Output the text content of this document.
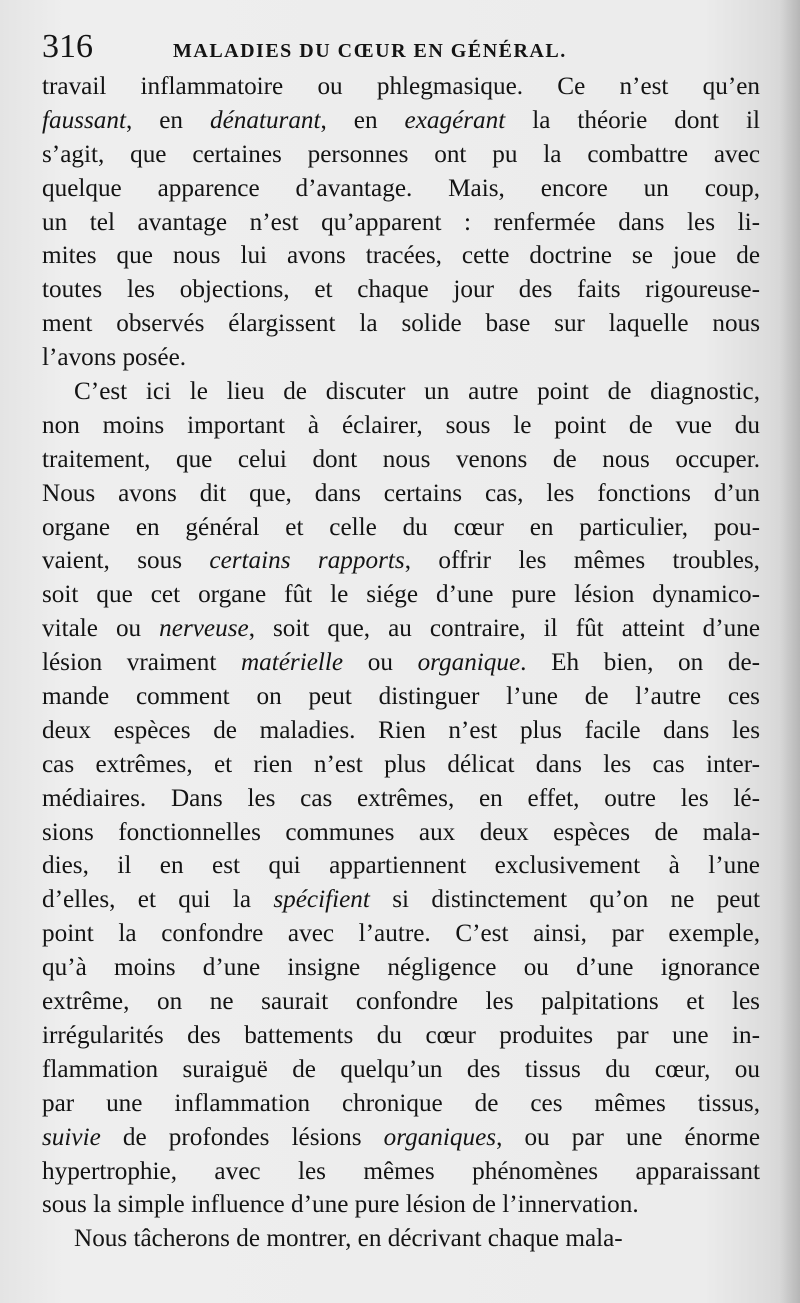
316	MALADIES DU CŒUR EN GÉNÉRAL.
travail inflammatoire ou phlegmasique. Ce n’est qu’en
faussant, en dénaturant, en exagérant la théorie dont il
s’agit, que certaines personnes ont pu la combattre avec
quelque apparence d’avantage. Mais, encore un coup,
un tel avantage n’est qu’apparent : renfermée dans les li-
mites que nous lui avons tracées, cette doctrine se joue de
toutes les objections, et chaque jour des faits rigoureuse-
ment observés élargissent la solide base sur laquelle nous
l’avons posée.
C’est ici le lieu de discuter un autre point de diagnostic,
non moins important à éclairer, sous le point de vue du
traitement, que celui dont nous venons de nous occuper.
Nous avons dit que, dans certains cas, les fonctions d’un
organe en général et celle du cœur en particulier, pou-
vaient, sous certains rapports, offrir les mêmes troubles,
soit que cet organe fût le siége d’une pure lésion dynamico-
vitale ou nerveuse, soit que, au contraire, il fût atteint d’une
lésion vraiment matérielle ou organique. Eh bien, on de-
mande comment on peut distinguer l’une de l’autre ces
deux espèces de maladies. Rien n’est plus facile dans les
cas extrêmes, et rien n’est plus délicat dans les cas inter-
médiaires. Dans les cas extrêmes, en effet, outre les lé-
sions fonctionnelles communes aux deux espèces de mala-
dies, il en est qui appartiennent exclusivement à l’une
d’elles, et qui la spécifient si distinctement qu’on ne peut
point la confondre avec l’autre. C’est ainsi, par exemple,
qu’à moins d’une insigne négligence ou d’une ignorance
extrême, on ne saurait confondre les palpitations et les
irrégularités des battements du cœur produites par une in-
flammation suraiguë de quelqu’un des tissus du cœur, ou
par une inflammation chronique de ces mêmes tissus,
suivie de profondes lésions organiques, ou par une énorme
hypertrophie, avec les mêmes phénomènes apparaissant
sous la simple influence d’une pure lésion de l’innervation.
Nous tâcherons de montrer, en décrivant chaque mala-
